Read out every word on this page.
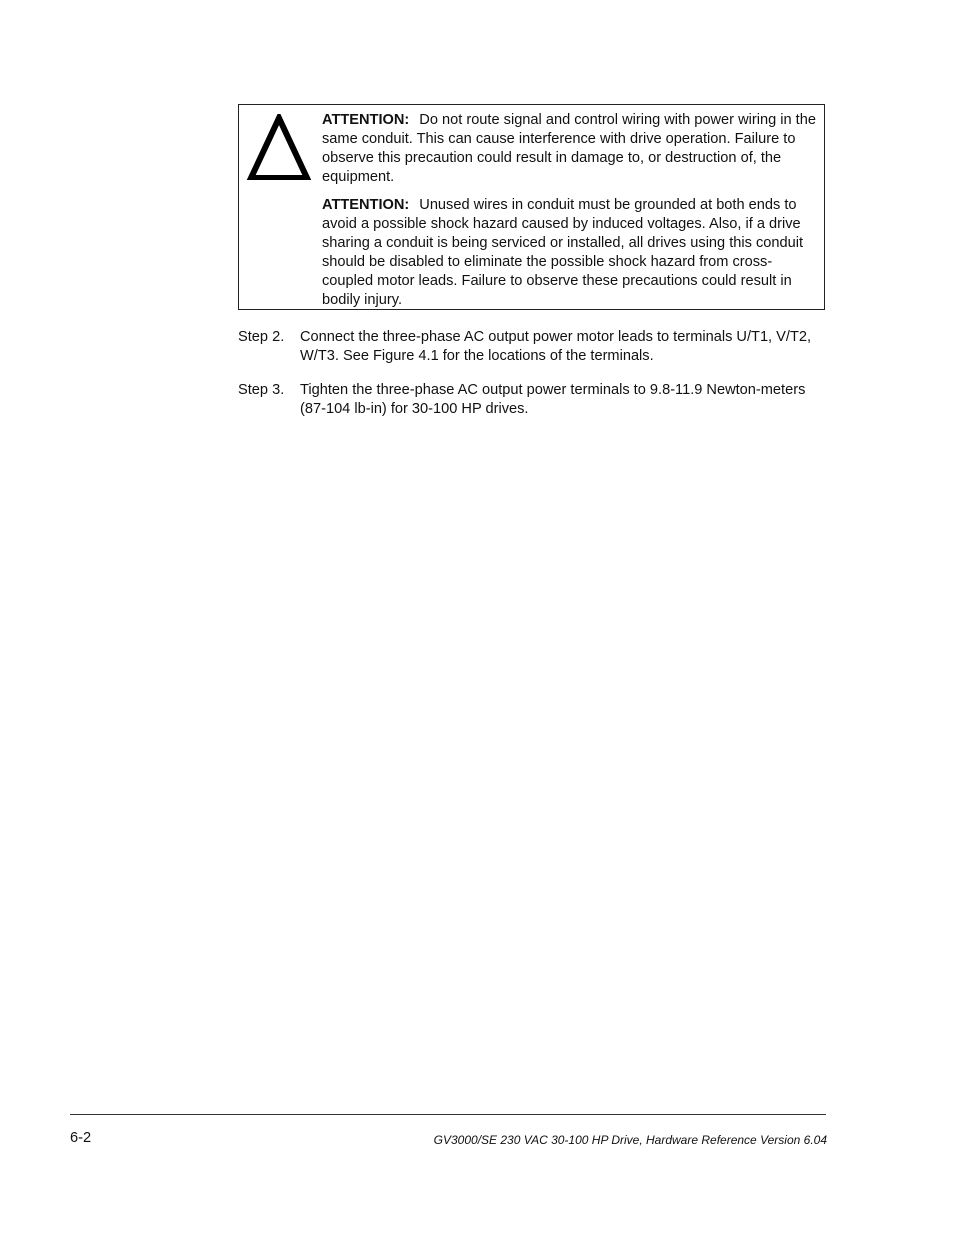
ATTENTION: Do not route signal and control wiring with power wiring in the same conduit. This can cause interference with drive operation. Failure to observe this precaution could result in damage to, or destruction of, the equipment.

ATTENTION: Unused wires in conduit must be grounded at both ends to avoid a possible shock hazard caused by induced voltages. Also, if a drive sharing a conduit is being serviced or installed, all drives using this conduit should be disabled to eliminate the possible shock hazard from cross-coupled motor leads. Failure to observe these precautions could result in bodily injury.

Step 2. Connect the three-phase AC output power motor leads to terminals U/T1, V/T2, W/T3. See Figure 4.1 for the locations of the terminals.
Step 3. Tighten the three-phase AC output power terminals to 9.8-11.9 Newton-meters (87-104 lb-in) for 30-100 HP drives.
6-2	GV3000/SE 230 VAC 30-100 HP Drive, Hardware Reference Version 6.04
